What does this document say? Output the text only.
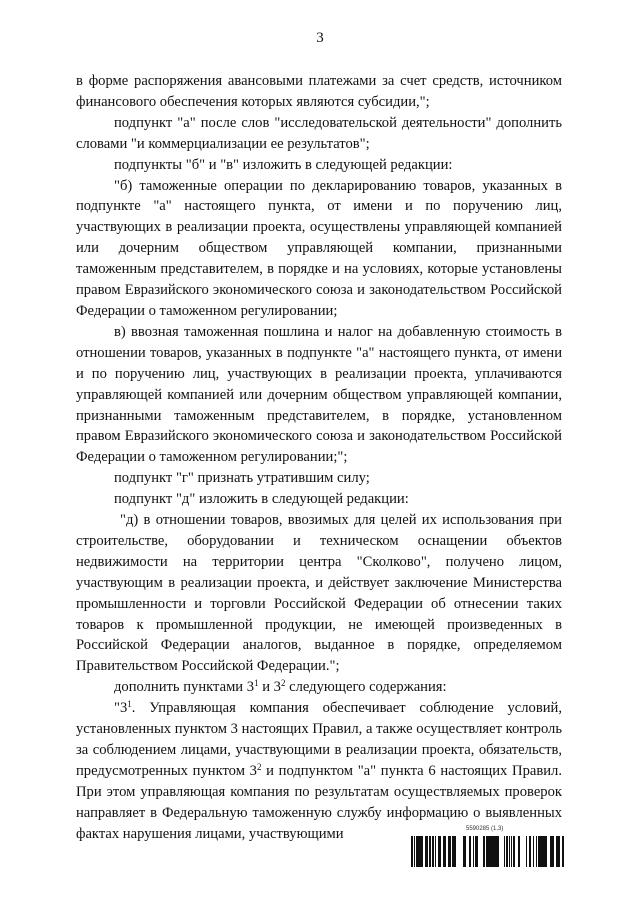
3

в форме распоряжения авансовыми платежами за счет средств, источником финансового обеспечения которых являются субсидии,";

подпункт "а" после слов "исследовательской деятельности" дополнить словами "и коммерциализации ее результатов";

подпункты "б" и "в" изложить в следующей редакции:

"б) таможенные операции по декларированию товаров, указанных в подпункте "а" настоящего пункта, от имени и по поручению лиц, участвующих в реализации проекта, осуществлены управляющей компанией или дочерним обществом управляющей компании, признанными таможенным представителем, в порядке и на условиях, которые установлены правом Евразийского экономического союза и законодательством Российской Федерации о таможенном регулировании;

в) ввозная таможенная пошлина и налог на добавленную стоимость в отношении товаров, указанных в подпункте "а" настоящего пункта, от имени и по поручению лиц, участвующих в реализации проекта, уплачиваются управляющей компанией или дочерним обществом управляющей компании, признанными таможенным представителем, в порядке, установленном правом Евразийского экономического союза и законодательством Российской Федерации о таможенном регулировании;";

подпункт "г" признать утратившим силу;

подпункт "д" изложить в следующей редакции:

"д) в отношении товаров, ввозимых для целей их использования при строительстве, оборудовании и техническом оснащении объектов недвижимости на территории центра "Сколково", получено лицом, участвующим в реализации проекта, и действует заключение Министерства промышленности и торговли Российской Федерации об отнесении таких товаров к промышленной продукции, не имеющей произведенных в Российской Федерации аналогов, выданное в порядке, определяемом Правительством Российской Федерации.";

дополнить пунктами $3^1$ и $3^2$ следующего содержания:

"$3^1$. Управляющая компания обеспечивает соблюдение условий, установленных пунктом 3 настоящих Правил, а также осуществляет контроль за соблюдением лицами, участвующими в реализации проекта, обязательств, предусмотренных пунктом $3^2$ и подпунктом "а" пункта 6 настоящих Правил. При этом управляющая компания по результатам осуществляемых проверок направляет в Федеральную таможенную службу информацию о выявленных фактах нарушения лицами, участвующими	5590285 (1.3)
